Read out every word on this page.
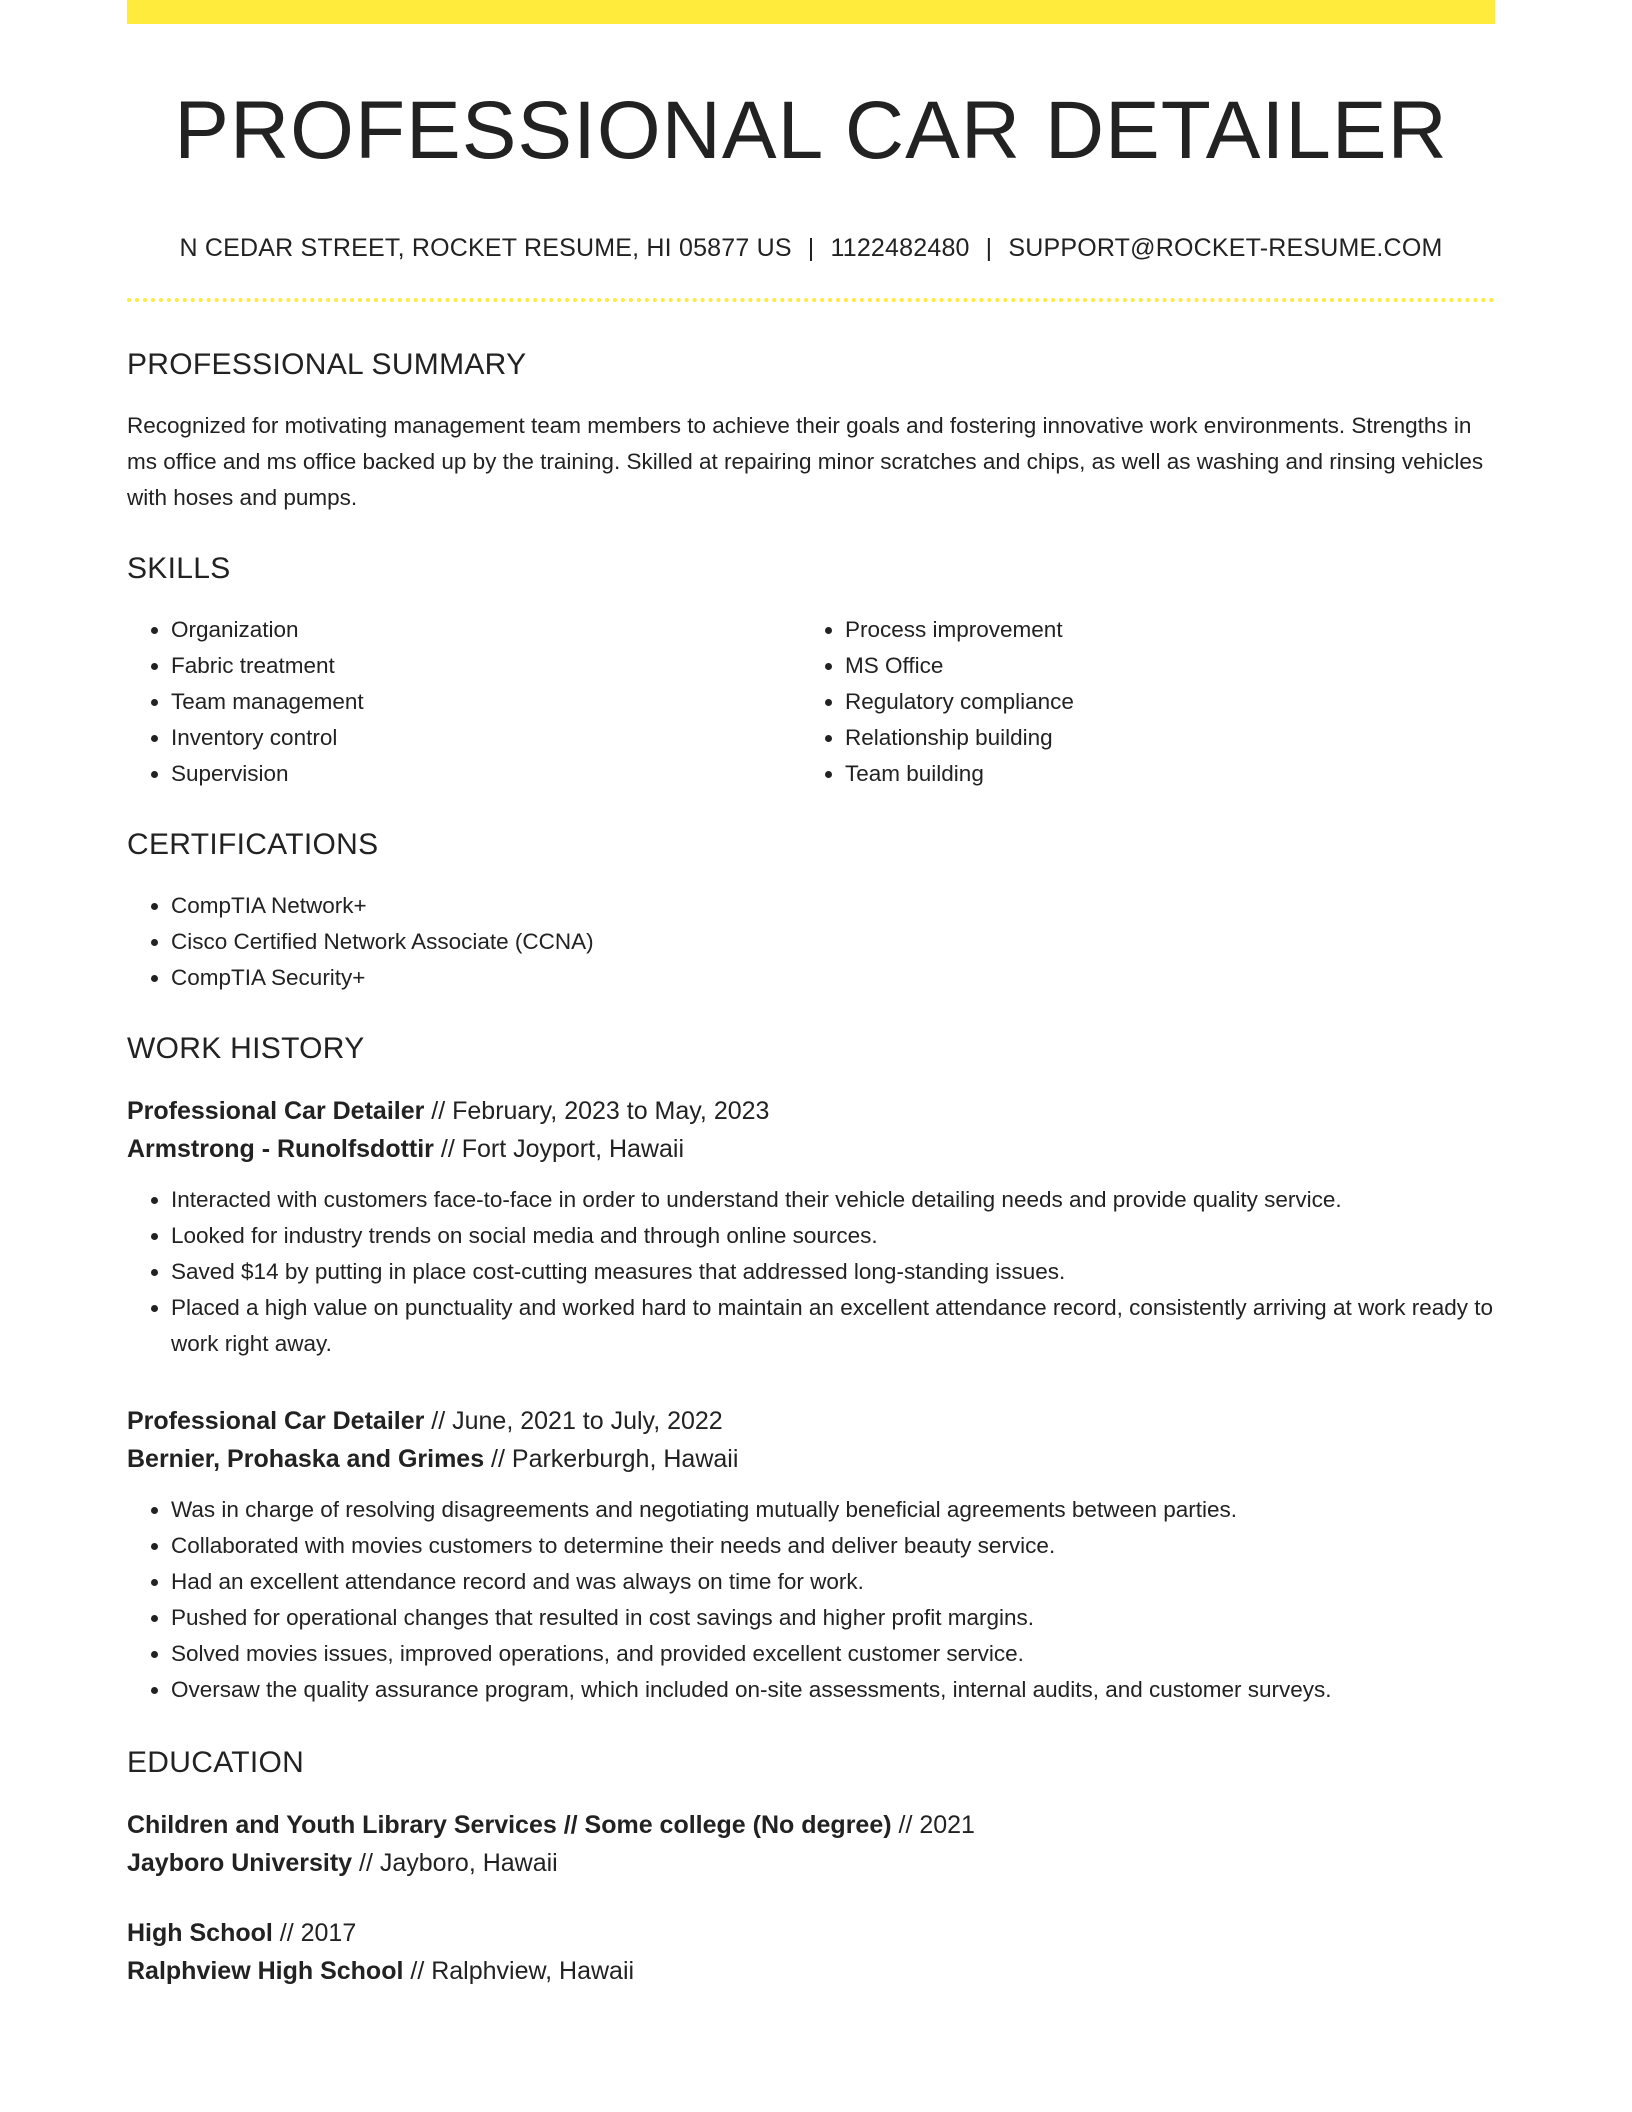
PROFESSIONAL CAR DETAILER
N CEDAR STREET, ROCKET RESUME, HI 05877 US | 1122482480 | SUPPORT@ROCKET-RESUME.COM
PROFESSIONAL SUMMARY
Recognized for motivating management team members to achieve their goals and fostering innovative work environments. Strengths in ms office and ms office backed up by the training. Skilled at repairing minor scratches and chips, as well as washing and rinsing vehicles with hoses and pumps.
SKILLS
• Organization
• Fabric treatment
• Team management
• Inventory control
• Supervision
• Process improvement
• MS Office
• Regulatory compliance
• Relationship building
• Team building
CERTIFICATIONS
• CompTIA Network+
• Cisco Certified Network Associate (CCNA)
• CompTIA Security+
WORK HISTORY
Professional Car Detailer // February, 2023 to May, 2023
Armstrong - Runolfsdottir // Fort Joyport, Hawaii
• Interacted with customers face-to-face in order to understand their vehicle detailing needs and provide quality service.
• Looked for industry trends on social media and through online sources.
• Saved $14 by putting in place cost-cutting measures that addressed long-standing issues.
• Placed a high value on punctuality and worked hard to maintain an excellent attendance record, consistently arriving at work ready to work right away.
Professional Car Detailer // June, 2021 to July, 2022
Bernier, Prohaska and Grimes // Parkerburgh, Hawaii
• Was in charge of resolving disagreements and negotiating mutually beneficial agreements between parties.
• Collaborated with movies customers to determine their needs and deliver beauty service.
• Had an excellent attendance record and was always on time for work.
• Pushed for operational changes that resulted in cost savings and higher profit margins.
• Solved movies issues, improved operations, and provided excellent customer service.
• Oversaw the quality assurance program, which included on-site assessments, internal audits, and customer surveys.
EDUCATION
Children and Youth Library Services // Some college (No degree) // 2021
Jayboro University // Jayboro, Hawaii
High School // 2017
Ralphview High School // Ralphview, Hawaii
